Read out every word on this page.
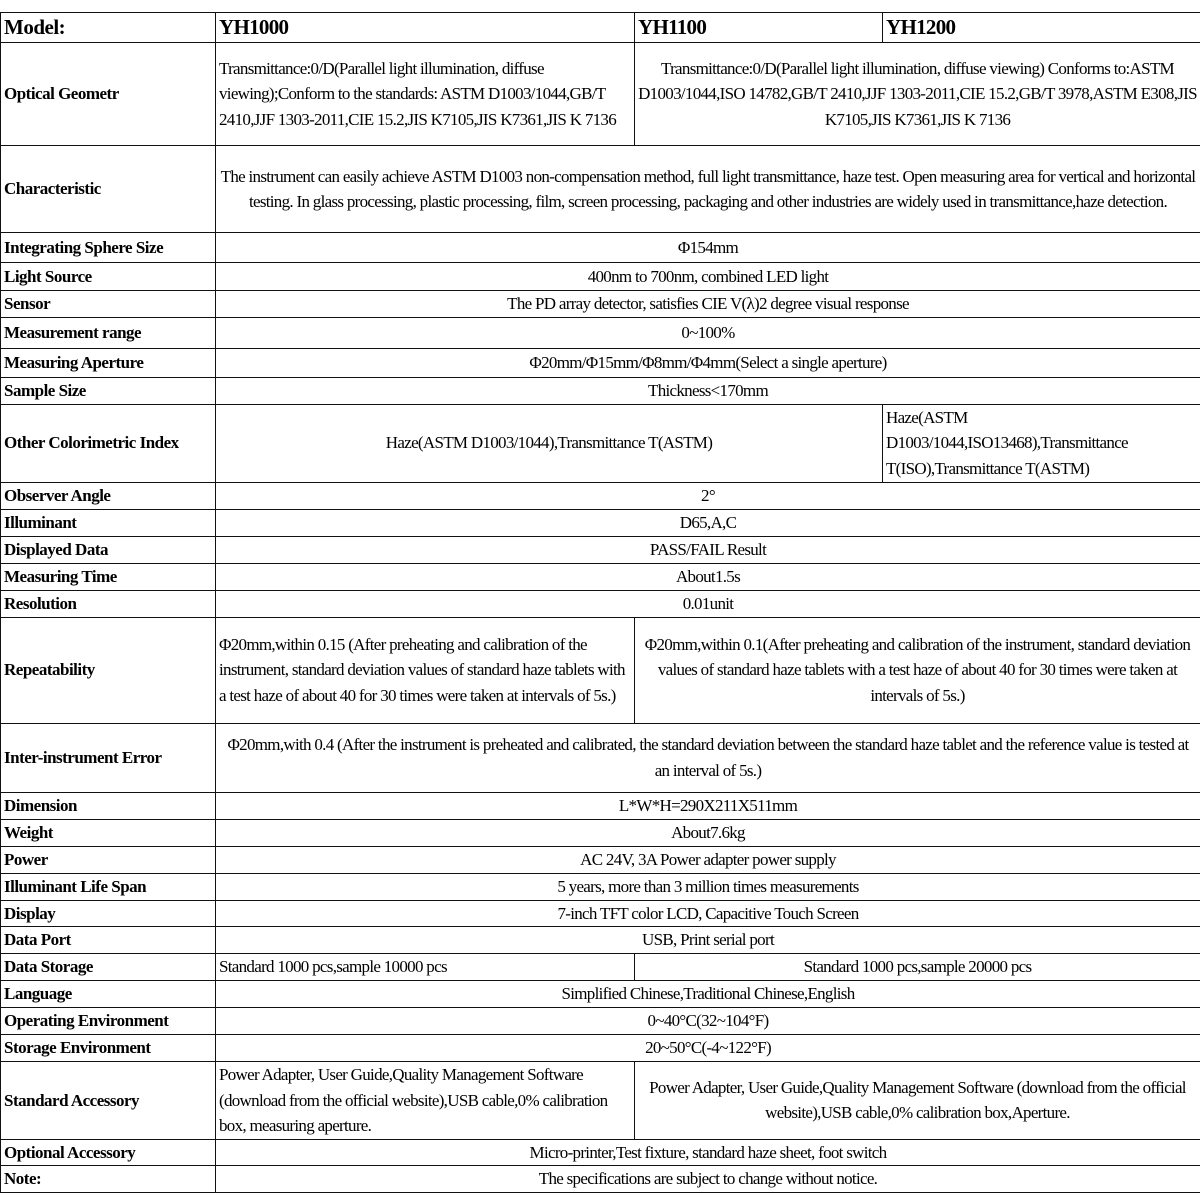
Model:	YH1000	YH1100	YH1200
Optical Geometr	Transmittance:0/D(Parallel light illumination, diffuse viewing);Conform to the standards: ASTM D1003/1044,GB/T 2410,JJF 1303-2011,CIE 15.2,JIS K7105,JIS K7361,JIS K 7136	Transmittance:0/D(Parallel light illumination, diffuse viewing) Conforms to:ASTM D1003/1044,ISO 14782,GB/T 2410,JJF 1303-2011,CIE 15.2,GB/T 3978,ASTM E308,JIS K7105,JIS K7361,JIS K 7136	
Characteristic	The instrument can easily achieve ASTM D1003 non-compensation method, full light transmittance, haze test. Open measuring area for vertical and horizontal testing. In glass processing, plastic processing, film, screen processing, packaging and other industries are widely used in transmittance,haze detection.		
Integrating Sphere Size	Φ154mm		
Light Source	400nm to 700nm, combined LED light		
Sensor	The PD array detector, satisfies CIE V(λ)2 degree visual response		
Measurement range	0~100%		
Measuring Aperture	Φ20mm/Φ15mm/Φ8mm/Φ4mm(Select a single aperture)		
Sample Size	Thickness<170mm		
Other Colorimetric Index	Haze(ASTM D1003/1044),Transmittance T(ASTM)		Haze(ASTM D1003/1044,ISO13468),Transmittance T(ISO),Transmittance T(ASTM)
Observer Angle	2°		
Illuminant	D65,A,C		
Displayed Data	PASS/FAIL Result		
Measuring Time	About1.5s		
Resolution	0.01unit		
Repeatability	Φ20mm,within 0.15 (After preheating and calibration of the instrument, standard deviation values of standard haze tablets with a test haze of about 40 for 30 times were taken at intervals of 5s.)	Φ20mm,within 0.1(After preheating and calibration of the instrument, standard deviation values of standard haze tablets with a test haze of about 40 for 30 times were taken at intervals of 5s.)	
Inter-instrument Error	Φ20mm,with 0.4 (After the instrument is preheated and calibrated, the standard deviation between the standard haze tablet and the reference value is tested at an interval of 5s.)		
Dimension	L*W*H=290X211X511mm		
Weight	About7.6kg		
Power	AC 24V, 3A Power adapter power supply		
Illuminant Life Span	5 years, more than 3 million times measurements		
Display	7-inch TFT color LCD, Capacitive Touch Screen		
Data Port	USB, Print serial port		
Data Storage	Standard 1000 pcs,sample 10000 pcs	Standard 1000 pcs,sample 20000 pcs	
Language	Simplified Chinese,Traditional Chinese,English		
Operating Environment	0~40°C(32~104°F)		
Storage Environment	20~50°C(-4~122°F)		
Standard Accessory	Power Adapter, User Guide,Quality Management Software (download from the official website),USB cable,0% calibration box, measuring aperture.	Power Adapter, User Guide,Quality Management Software (download from the official website),USB cable,0% calibration box,Aperture.	
Optional Accessory	Micro-printer,Test fixture, standard haze sheet, foot switch		
Note:	The specifications are subject to change without notice.		
